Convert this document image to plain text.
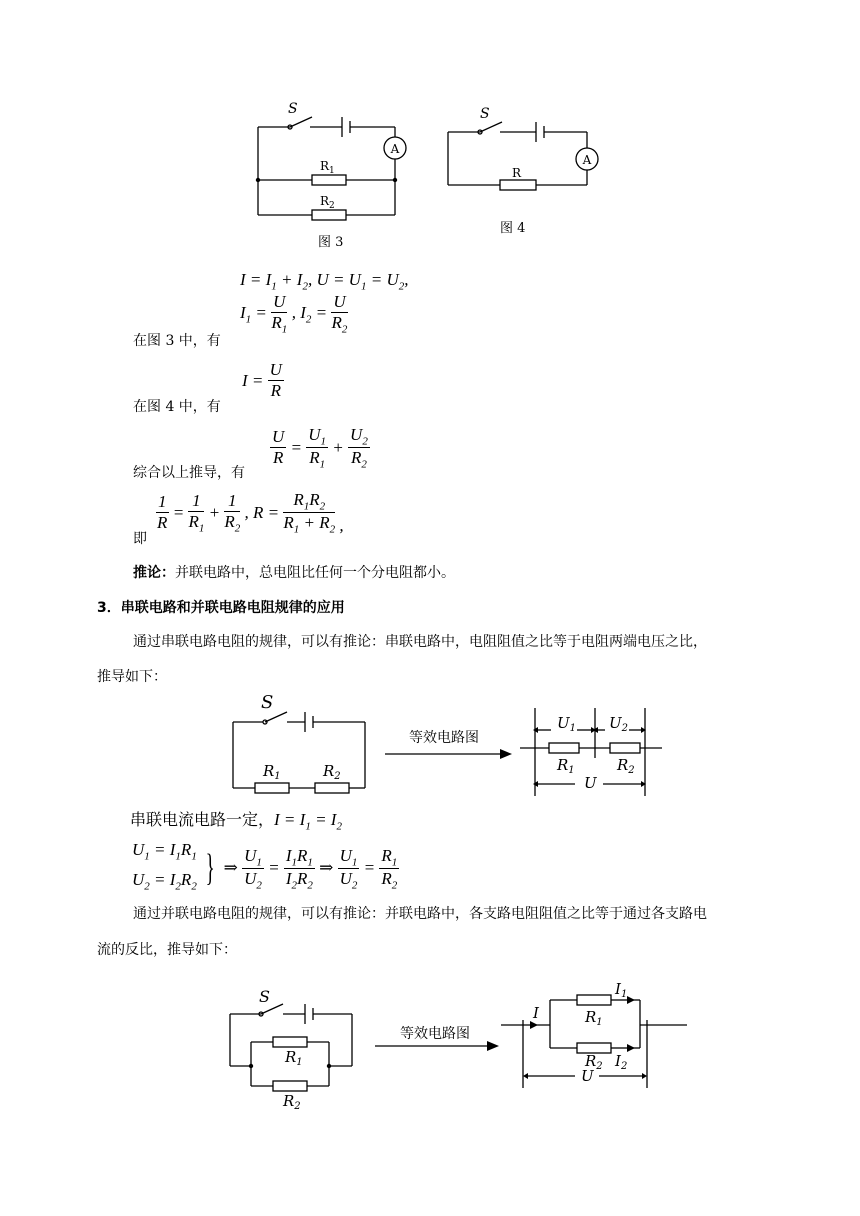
A
S
$R_1$
$R_2$
图 3
A
S
R
图 4
$I = I_1 + I_2$, $U = U_1 = U_2$,
$I_1 = \frac{U}{R_1}$ , $I_2 = \frac{U}{R_2}$
在图 3 中，有
$I = \frac{U}{R}$
在图 4 中，有
$\frac{U}{R} = \frac{U_1}{R_1} + \frac{U_2}{R_2}$
综合以上推导，有
$\frac{1}{R} = \frac{1}{R_1} + \frac{1}{R_2}$ , $R = \frac{R_1R_2}{R_1 + R_2}$ ,
即
推论：并联电路中，总电阻比任何一个分电阻都小。
3．串联电路和并联电路电阻规律的应用
通过串联电路电阻的规律，可以有推论：串联电路中，电阻阻值之比等于电阻两端电压之比，
推导如下：
S
$R_1$	$R_2$
等效电路图
$U_1$ $U_2$
$R_1$	$R_2$
U
串联电流电路一定，$I = I_1 = I_2$
$U_1 = I_1R_1$
$U_2 = I_2R_2$ } ⇒ $\frac{U_1}{U_2} = \frac{I_1R_1}{I_2R_2}$ ⇒ $\frac{U_1}{U_2} = \frac{R_1}{R_2}$
通过并联电路电阻的规律，可以有推论：并联电路中，各支路电阻阻值之比等于通过各支路电
流的反比，推导如下：
S
$R_1$
$R_2$
等效电路图
I
$I_1$
$R_1$
$R_2$ $I_2$
U
